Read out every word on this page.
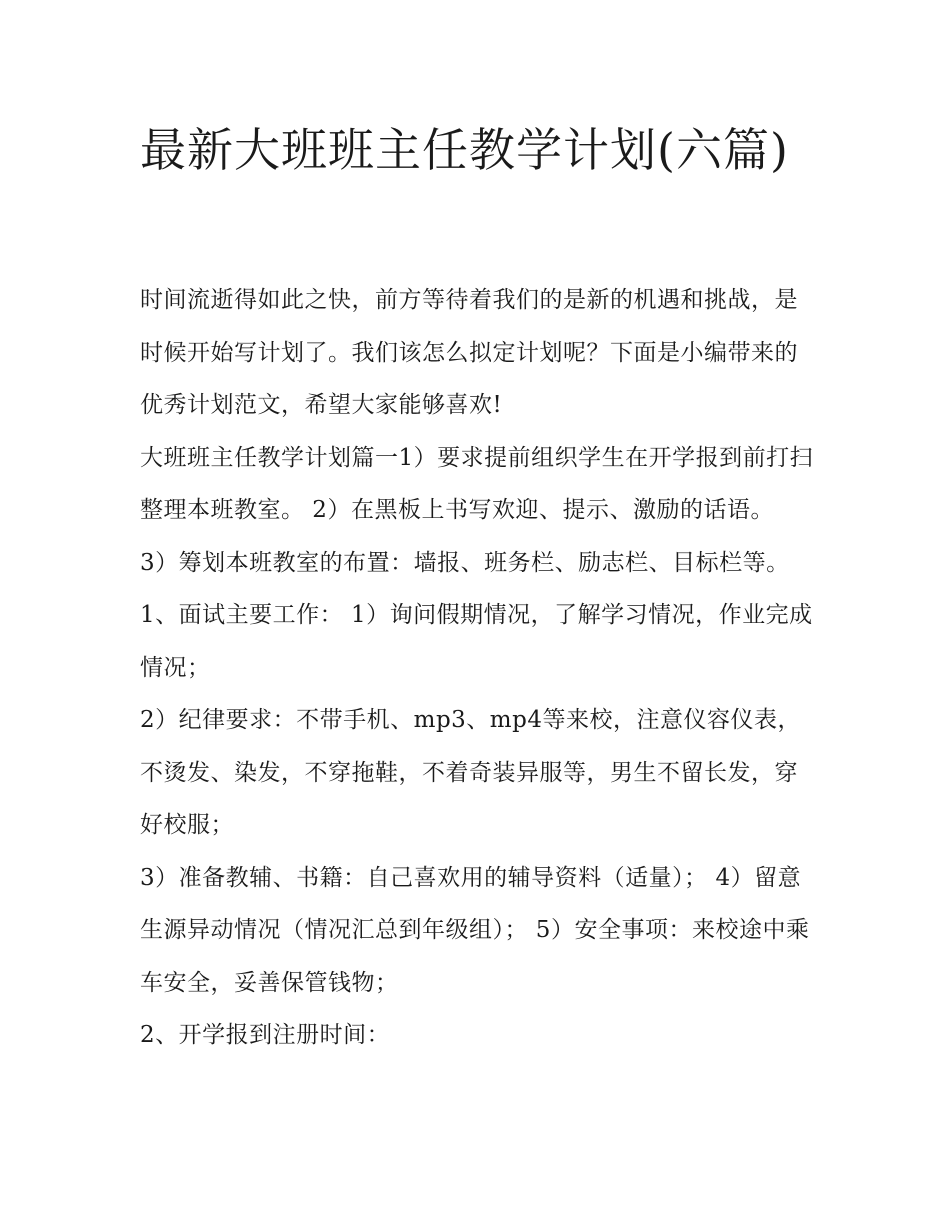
最新大班班主任教学计划(六篇)

时间流逝得如此之快，前方等待着我们的是新的机遇和挑战，是时候开始写计划了。我们该怎么拟定计划呢？下面是小编带来的优秀计划范文，希望大家能够喜欢!

大班班主任教学计划篇一1）要求提前组织学生在开学报到前打扫整理本班教室。 2）在黑板上书写欢迎、提示、激励的话语。

3）筹划本班教室的布置：墙报、班务栏、励志栏、目标栏等。 1、面试主要工作： 1）询问假期情况，了解学习情况，作业完成情况；

2）纪律要求：不带手机、mp3、mp4等来校，注意仪容仪表，不烫发、染发，不穿拖鞋，不着奇装异服等，男生不留长发，穿好校服；

3）准备教辅、书籍：自己喜欢用的辅导资料（适量）； 4）留意生源异动情况（情况汇总到年级组）； 5）安全事项：来校途中乘车安全，妥善保管钱物；

2、开学报到注册时间：
